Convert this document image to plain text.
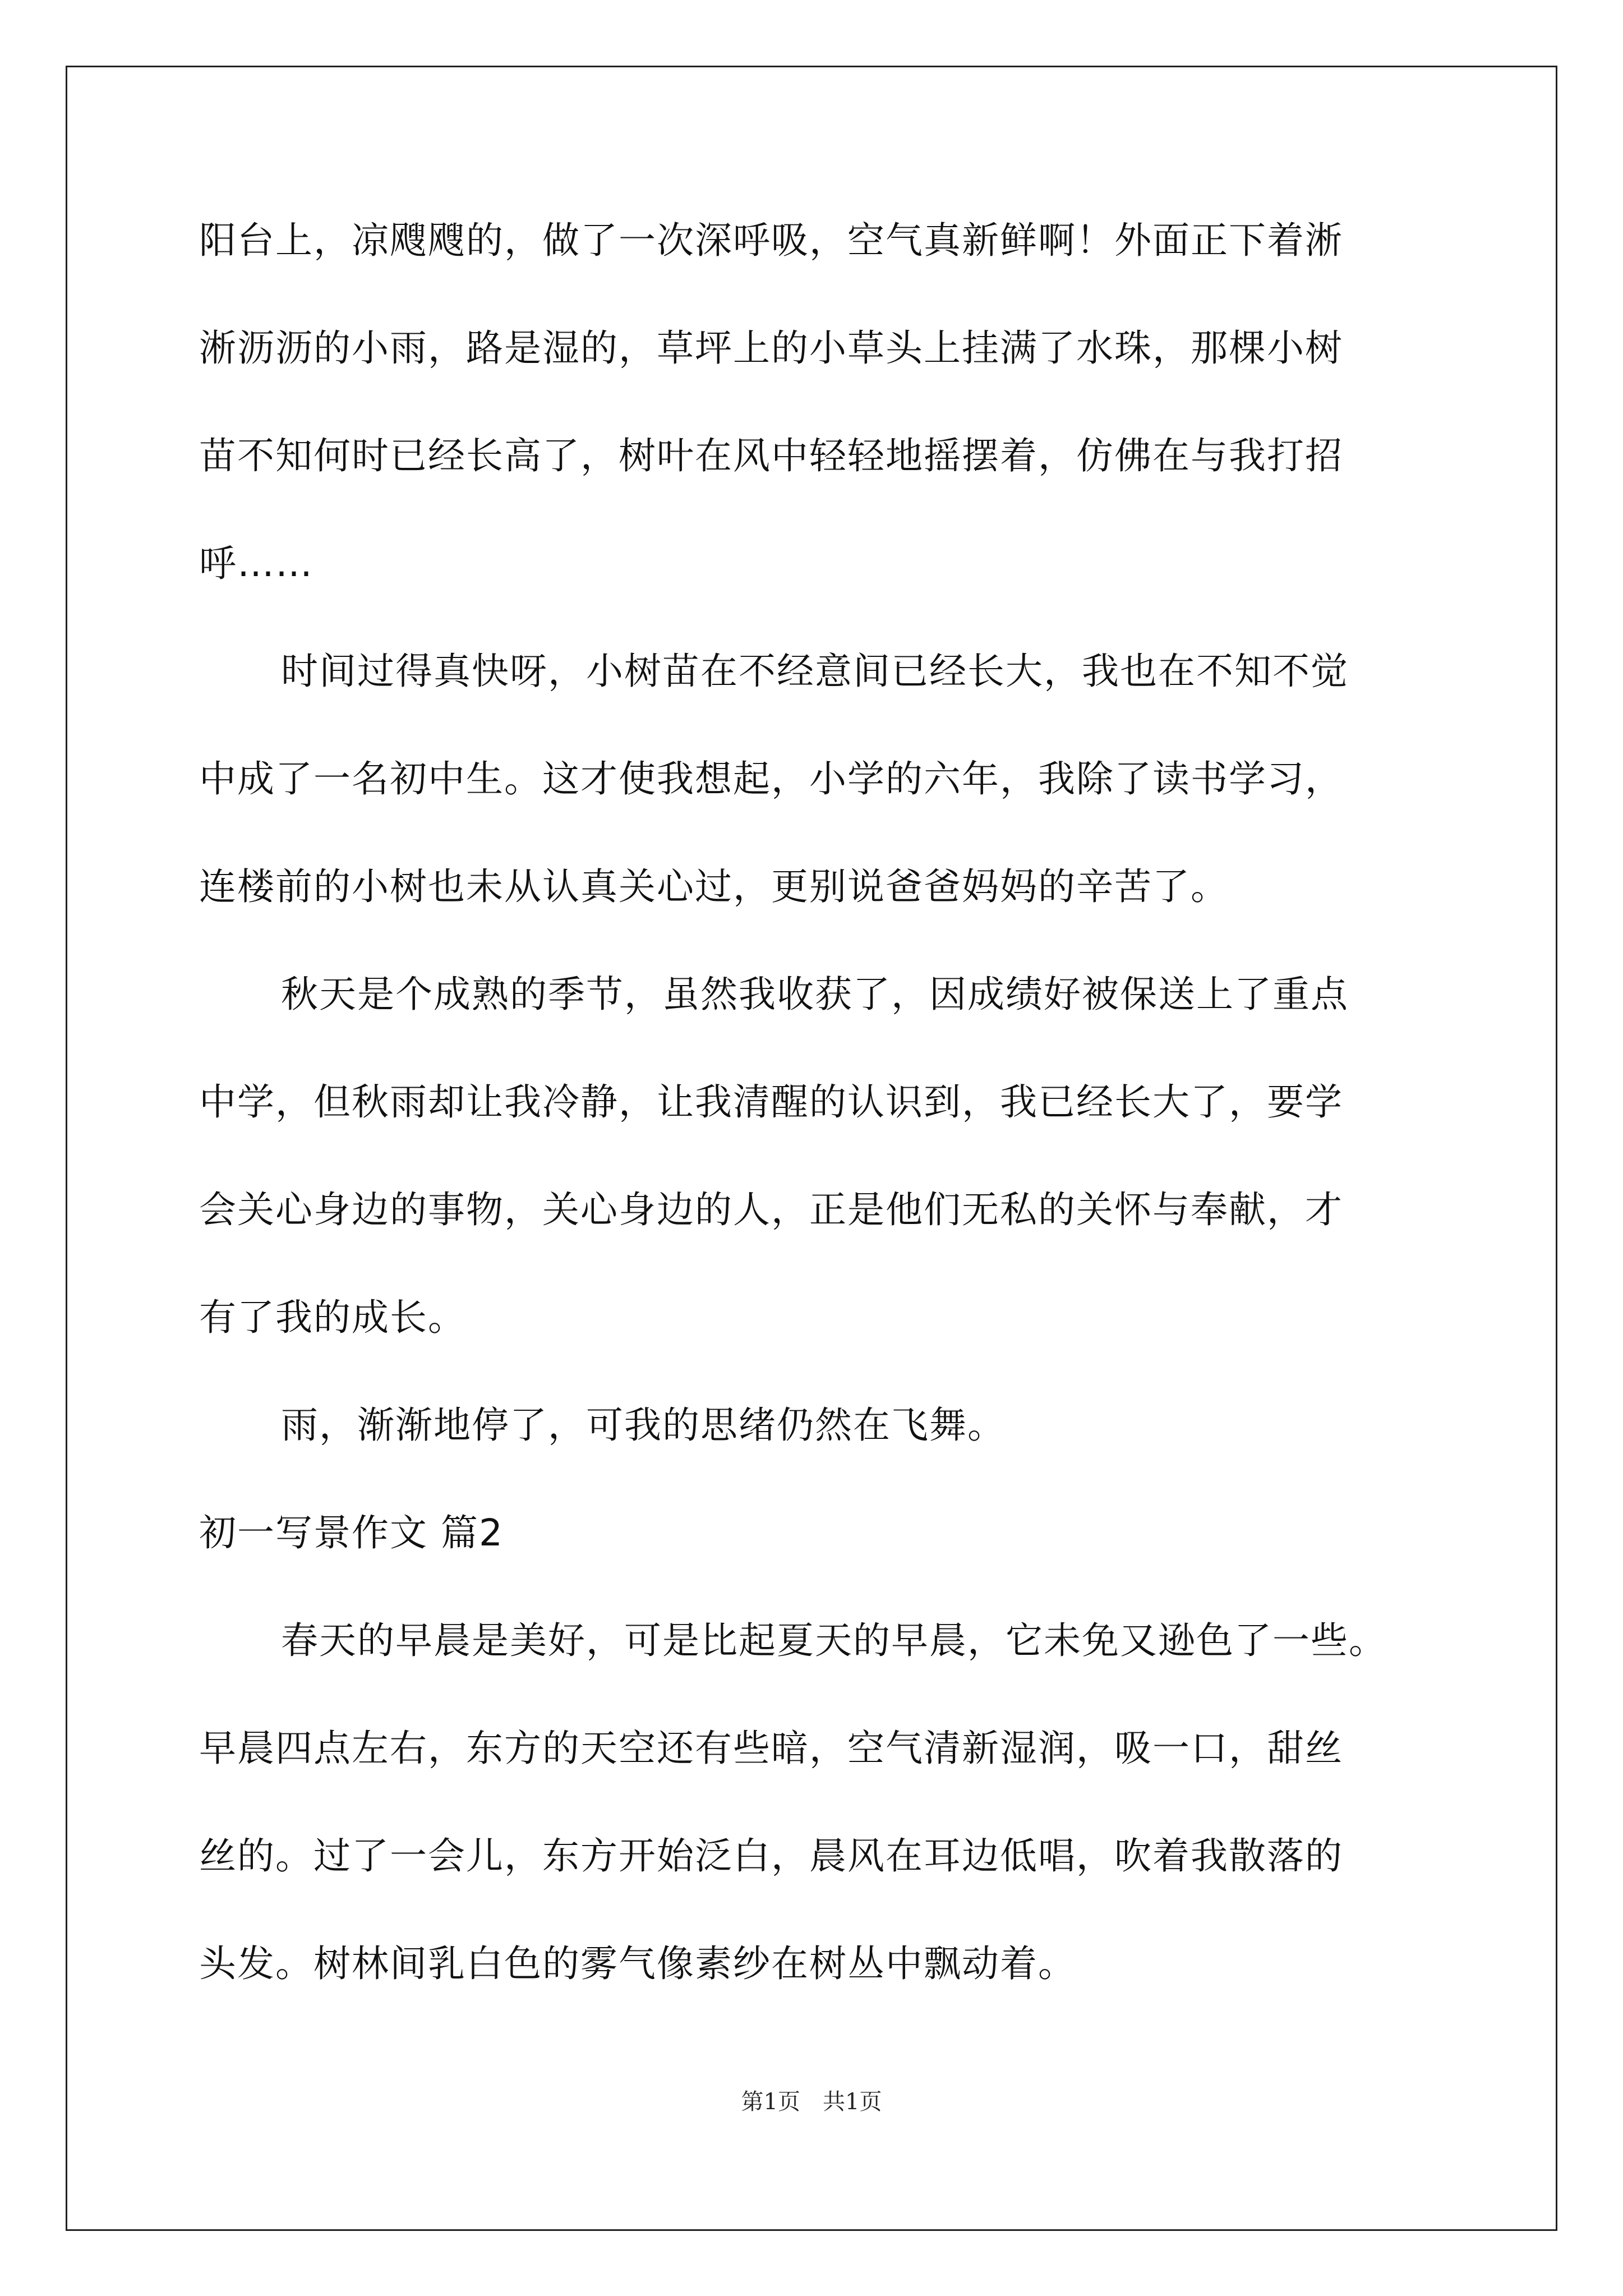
阳台上，凉飕飕的，做了一次深呼吸，空气真新鲜啊！外面正下着淅
淅沥沥的小雨，路是湿的，草坪上的小草头上挂满了水珠，那棵小树
苗不知何时已经长高了，树叶在风中轻轻地摇摆着，仿佛在与我打招
呼……
时间过得真快呀，小树苗在不经意间已经长大，我也在不知不觉
中成了一名初中生。这才使我想起，小学的六年，我除了读书学习，
连楼前的小树也未从认真关心过，更别说爸爸妈妈的辛苦了。
秋天是个成熟的季节，虽然我收获了，因成绩好被保送上了重点
中学，但秋雨却让我冷静，让我清醒的认识到，我已经长大了，要学
会关心身边的事物，关心身边的人，正是他们无私的关怀与奉献，才
有了我的成长。
雨，渐渐地停了，可我的思绪仍然在飞舞。
初一写景作文 篇2
春天的早晨是美好，可是比起夏天的早晨，它未免又逊色了一些。
早晨四点左右，东方的天空还有些暗，空气清新湿润，吸一口，甜丝
丝的。过了一会儿，东方开始泛白，晨风在耳边低唱，吹着我散落的
头发。树林间乳白色的雾气像素纱在树丛中飘动着。
第1页　共1页
